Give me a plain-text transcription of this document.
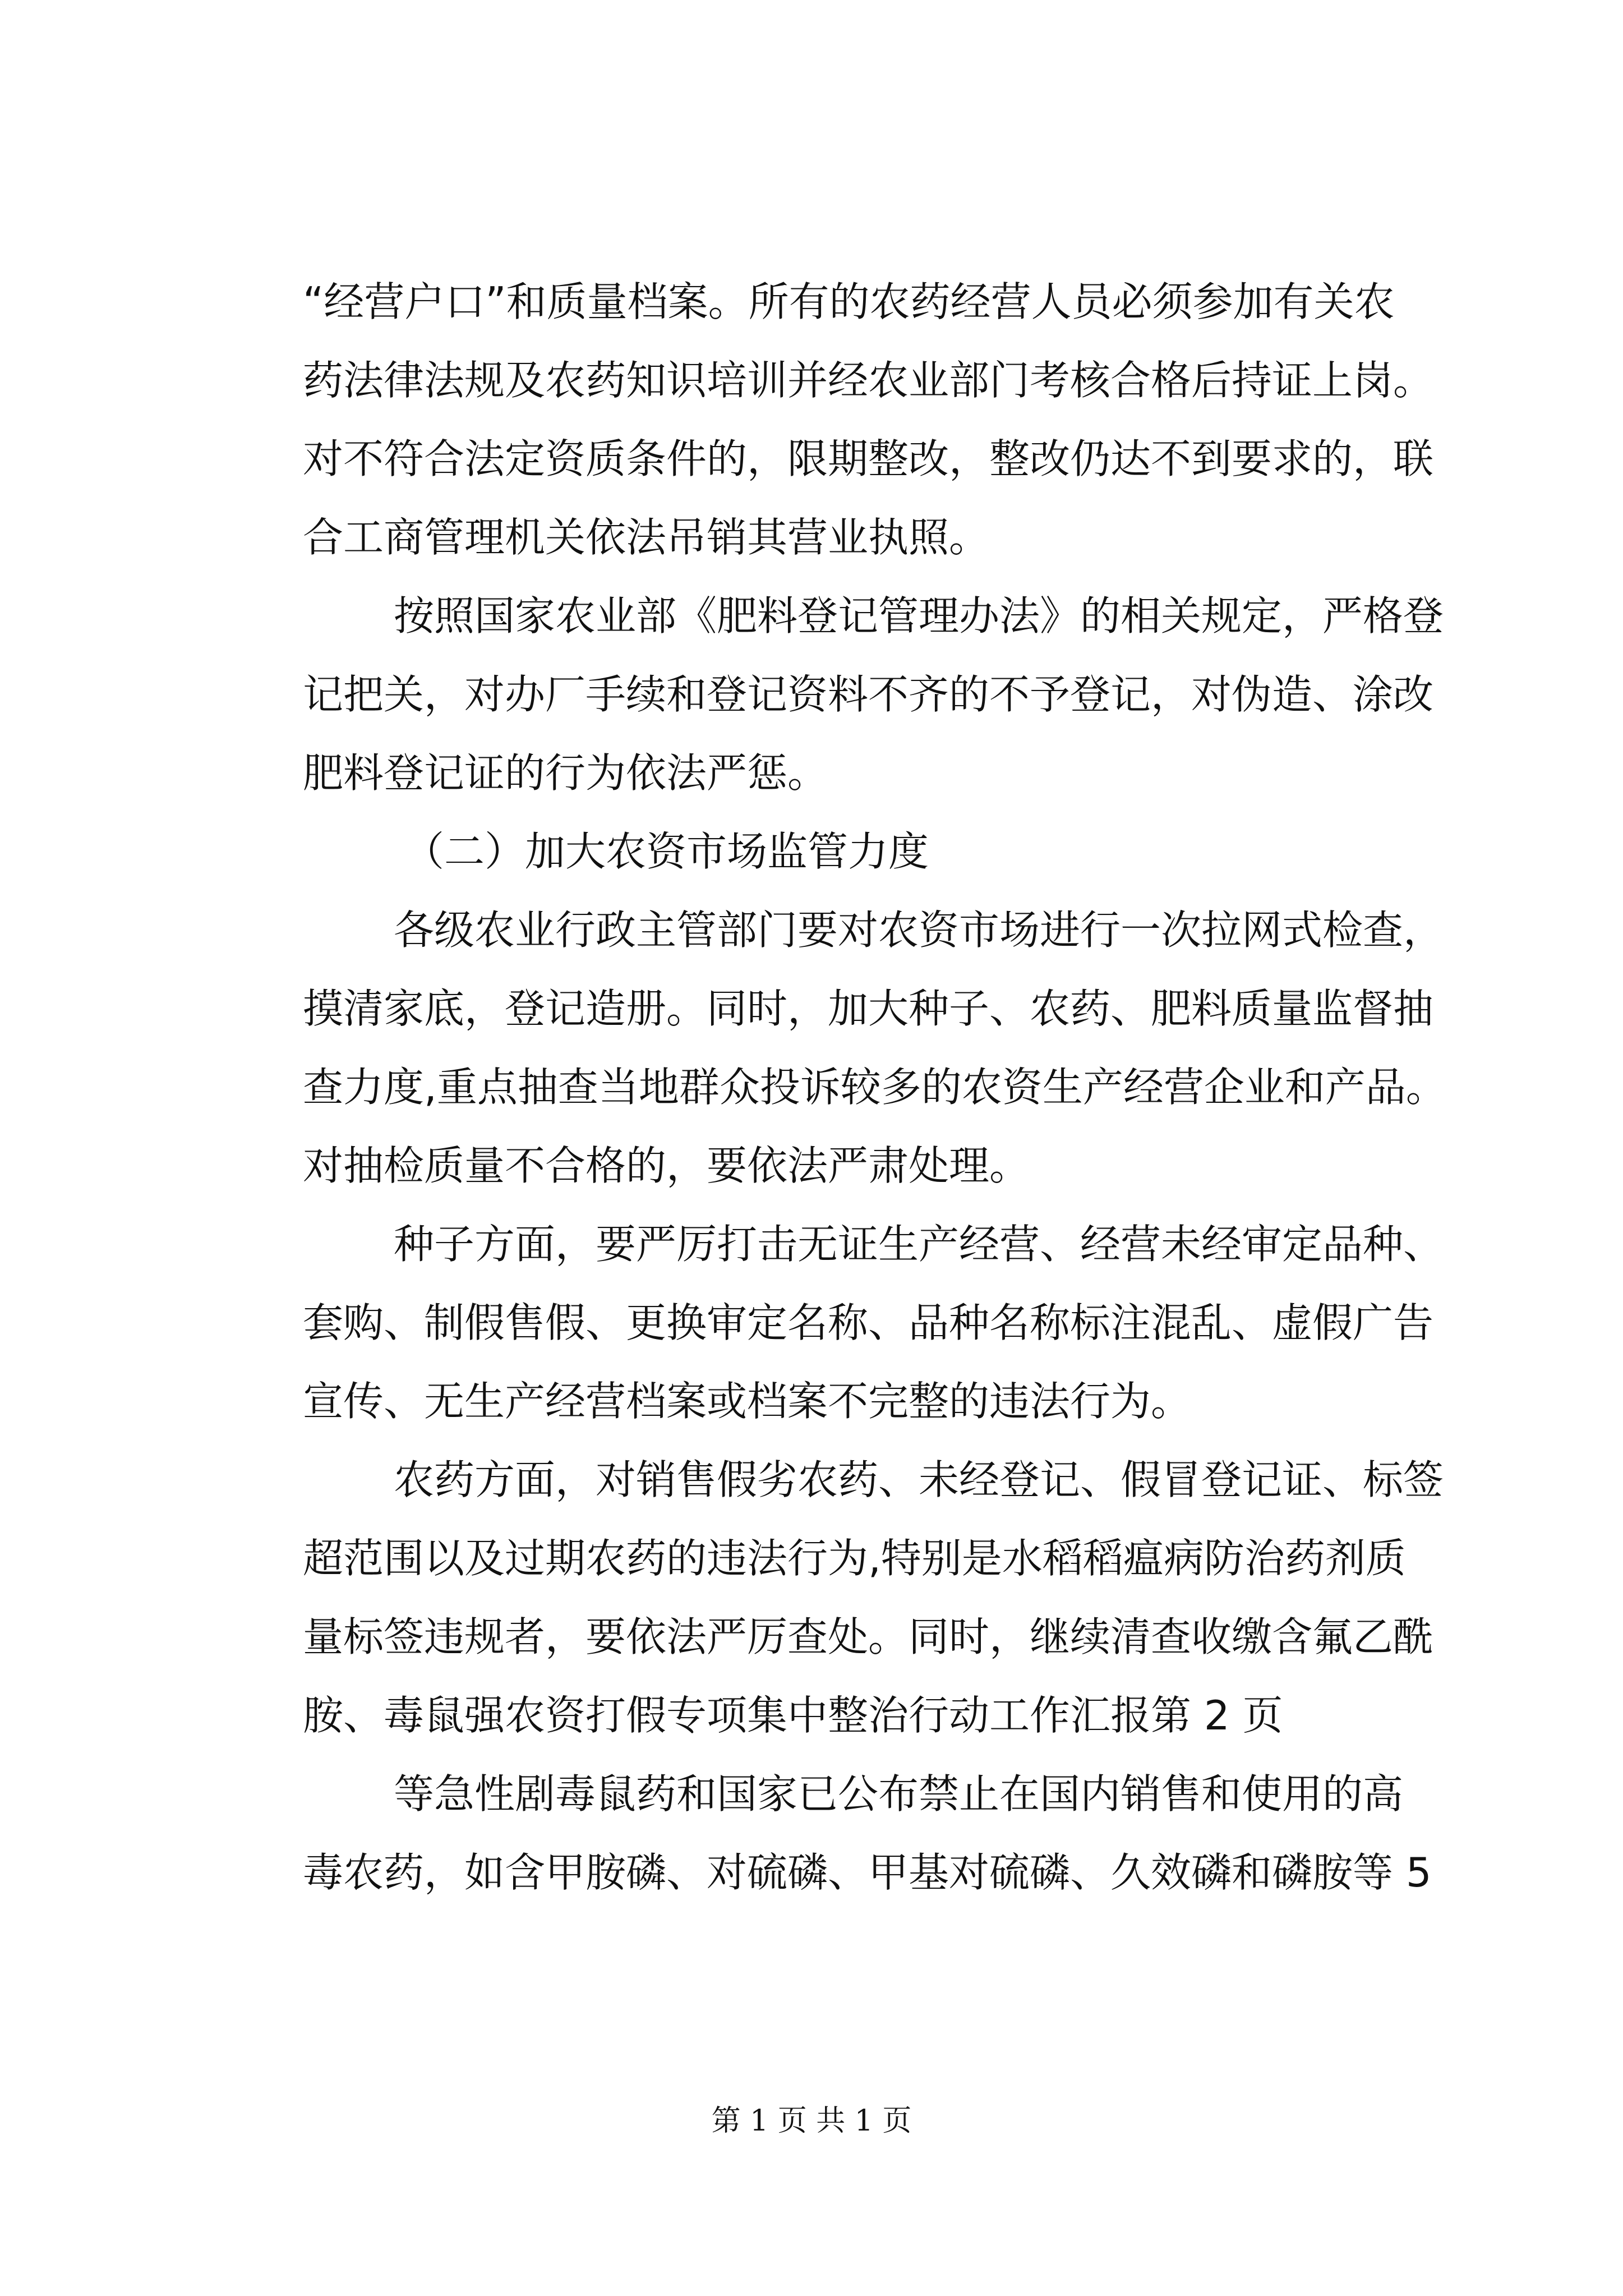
“经营户口”和质量档案。所有的农药经营人员必须参加有关农
药法律法规及农药知识培训并经农业部门考核合格后持证上岗。
对不符合法定资质条件的，限期整改，整改仍达不到要求的，联
合工商管理机关依法吊销其营业执照。
按照国家农业部《肥料登记管理办法》的相关规定，严格登
记把关，对办厂手续和登记资料不齐的不予登记，对伪造、涂改
肥料登记证的行为依法严惩。
（二）加大农资市场监管力度
各级农业行政主管部门要对农资市场进行一次拉网式检查，
摸清家底，登记造册。同时，加大种子、农药、肥料质量监督抽
查力度,重点抽查当地群众投诉较多的农资生产经营企业和产品。
对抽检质量不合格的，要依法严肃处理。
种子方面，要严厉打击无证生产经营、经营未经审定品种、
套购、制假售假、更换审定名称、品种名称标注混乱、虚假广告
宣传、无生产经营档案或档案不完整的违法行为。
农药方面，对销售假劣农药、未经登记、假冒登记证、标签
超范围以及过期农药的违法行为,特别是水稻稻瘟病防治药剂质
量标签违规者，要依法严厉查处。同时，继续清查收缴含氟乙酰
胺、毒鼠强农资打假专项集中整治行动工作汇报第 2 页
等急性剧毒鼠药和国家已公布禁止在国内销售和使用的高
毒农药，如含甲胺磷、对硫磷、甲基对硫磷、久效磷和磷胺等 5
第 1 页 共 1 页
